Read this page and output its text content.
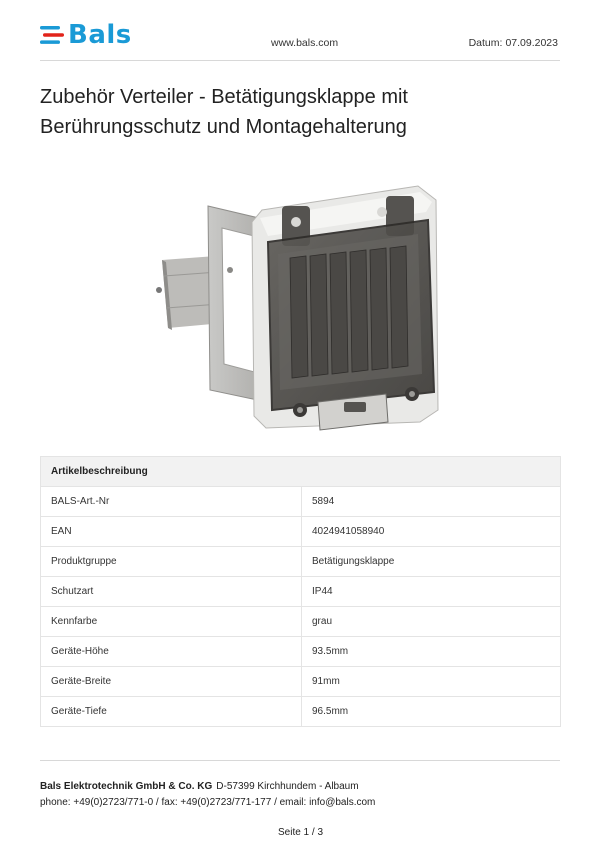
Bals	www.bals.com	Datum: 07.09.2023
Zubehör Verteiler - Betätigungsklappe mit
Berührungsschutz und Montagehalterung
Artikelbeschreibung	
BALS-Art.-Nr	5894
EAN	4024941058940
Produktgruppe	Betätigungsklappe
Schutzart	IP44
Kennfarbe	grau
Geräte-Höhe	93.5mm
Geräte-Breite	91mm
Geräte-Tiefe	96.5mm
Bals Elektrotechnik GmbH & Co. KG D-57399 Kirchhundem - Albaum
phone: +49(0)2723/771-0 / fax: +49(0)2723/771-177 / email: info@bals.com
Seite 1 / 3
